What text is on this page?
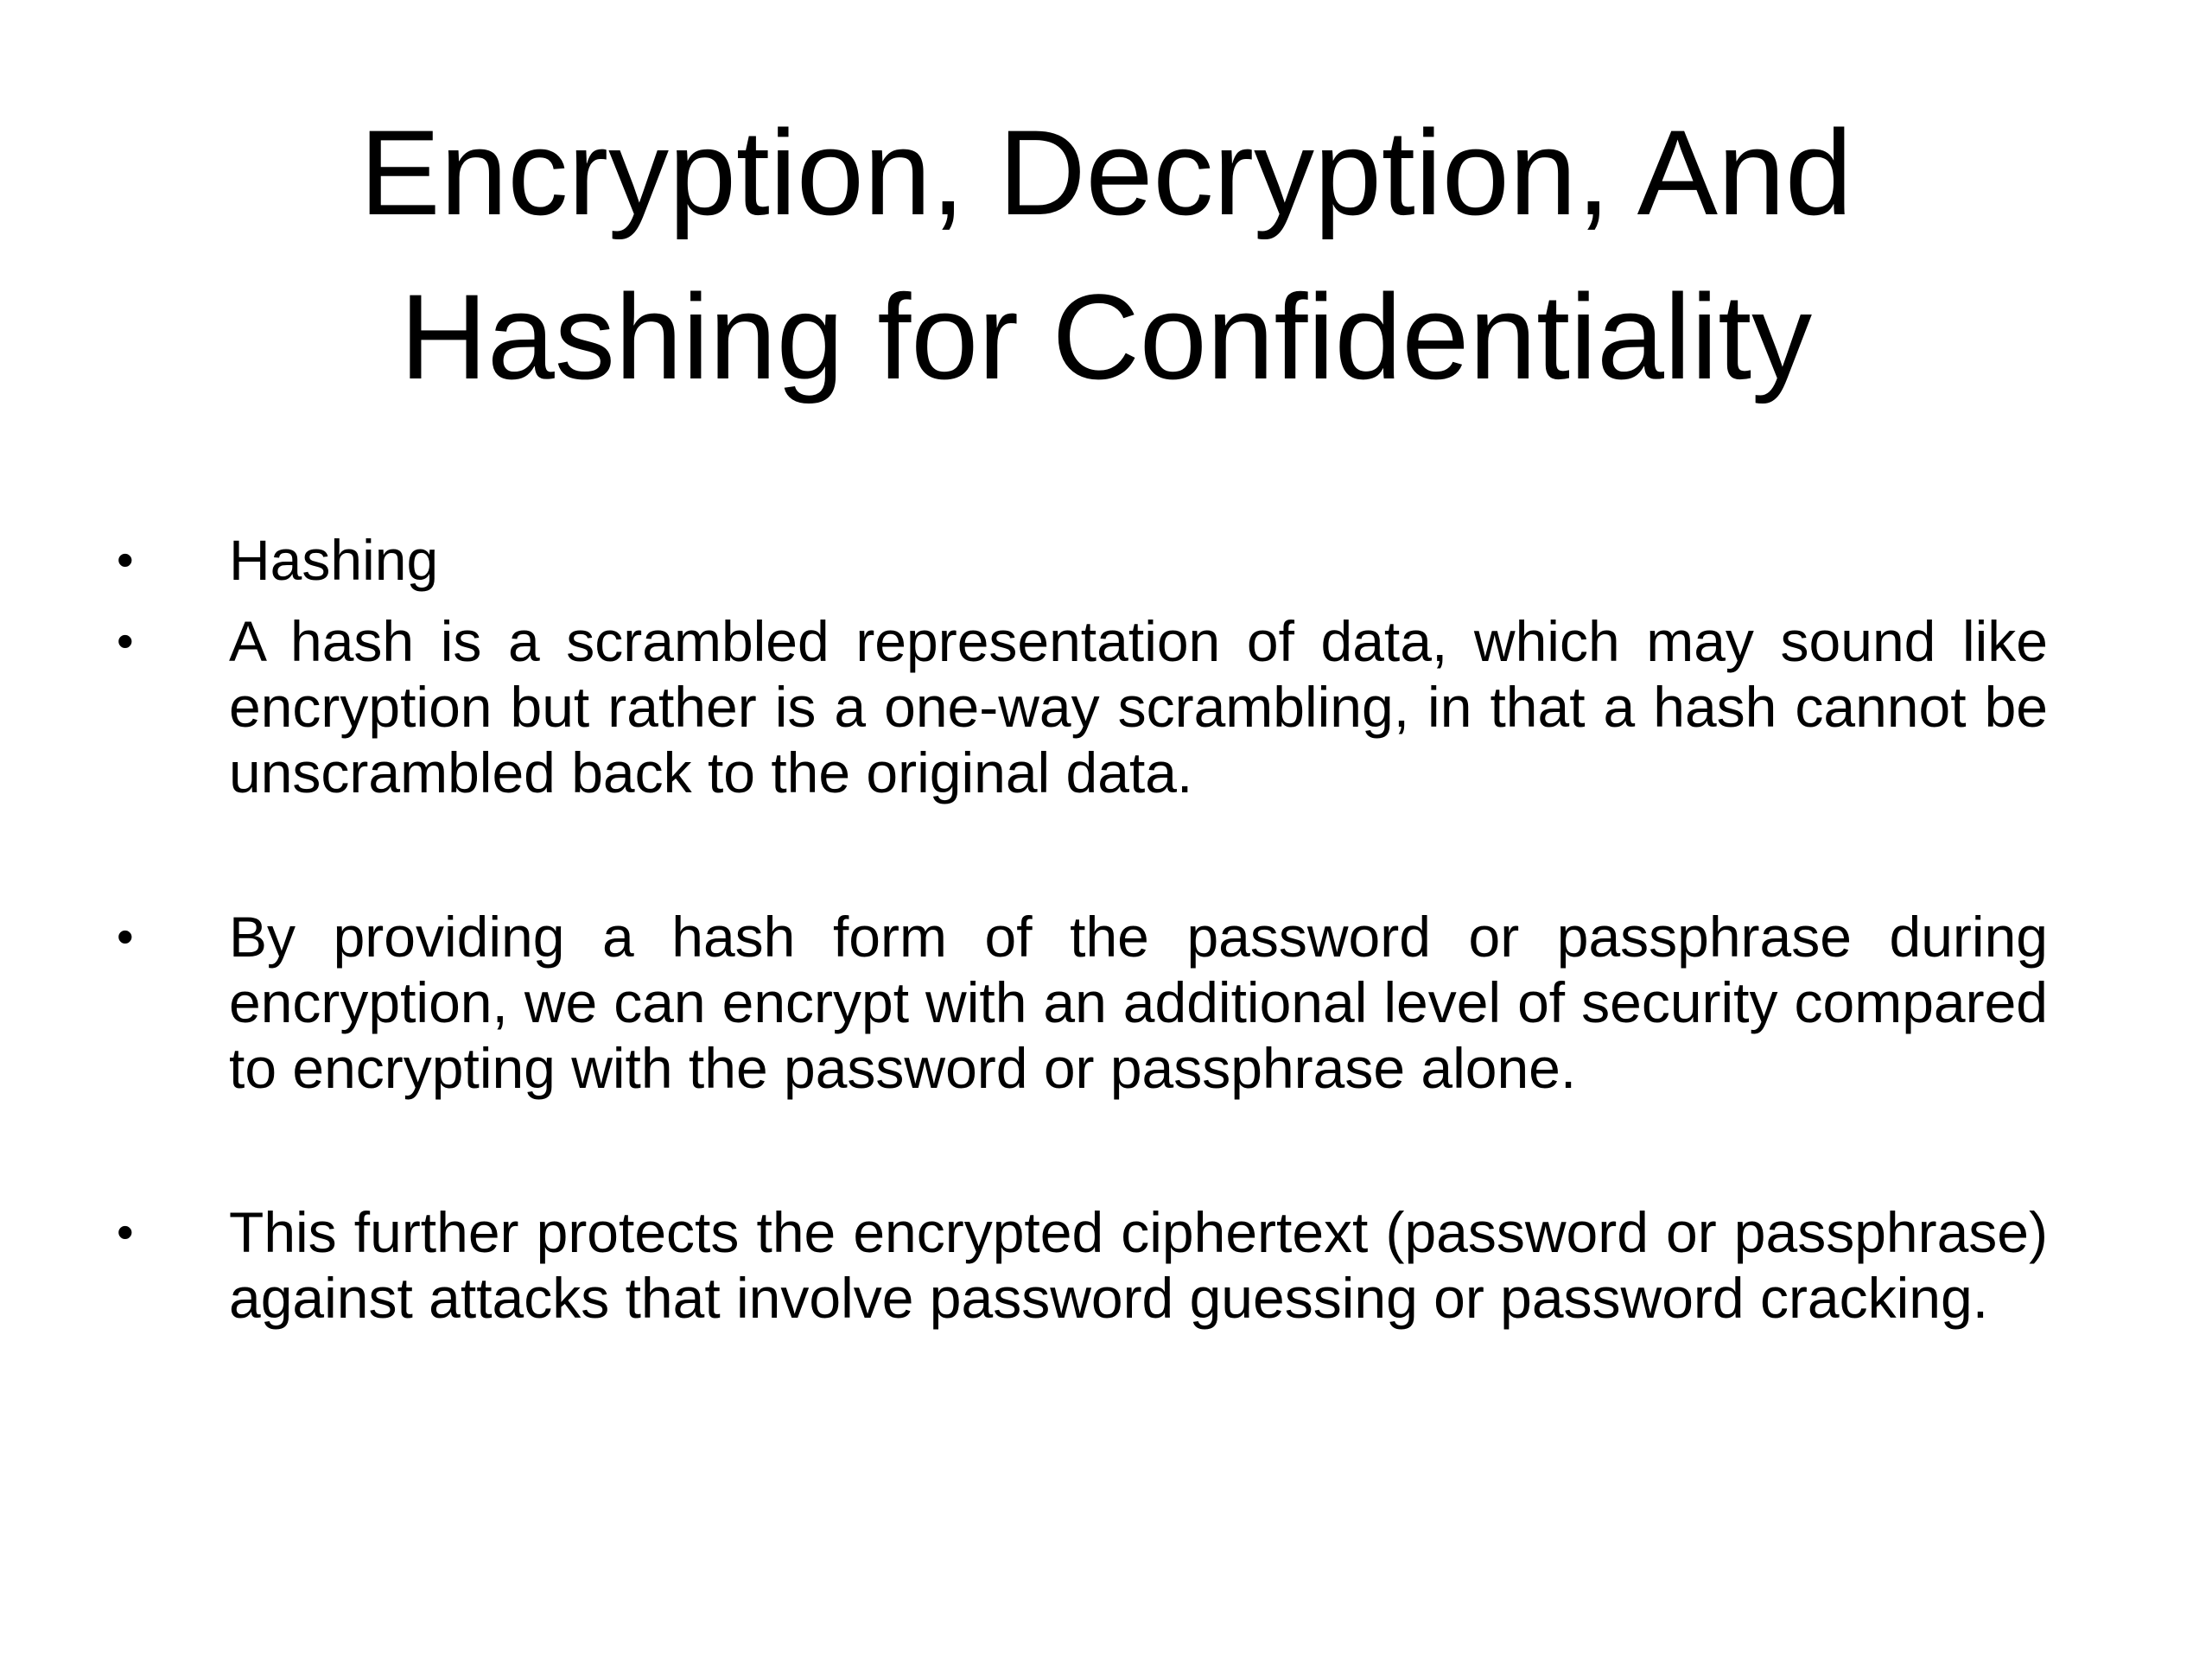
Encryption, Decryption, And
Hashing for Confidentiality
•	Hashing
•	A hash is a scrambled representation of data, which may sound like encryption but rather is a one-way scrambling, in that a hash cannot be unscrambled back to the original data.
•	By providing a hash form of the password or passphrase during encryption, we can encrypt with an additional level of security compared to encrypting with the password or passphrase alone.
•	This further protects the encrypted ciphertext (password or passphrase) against attacks that involve password guessing or password cracking.
